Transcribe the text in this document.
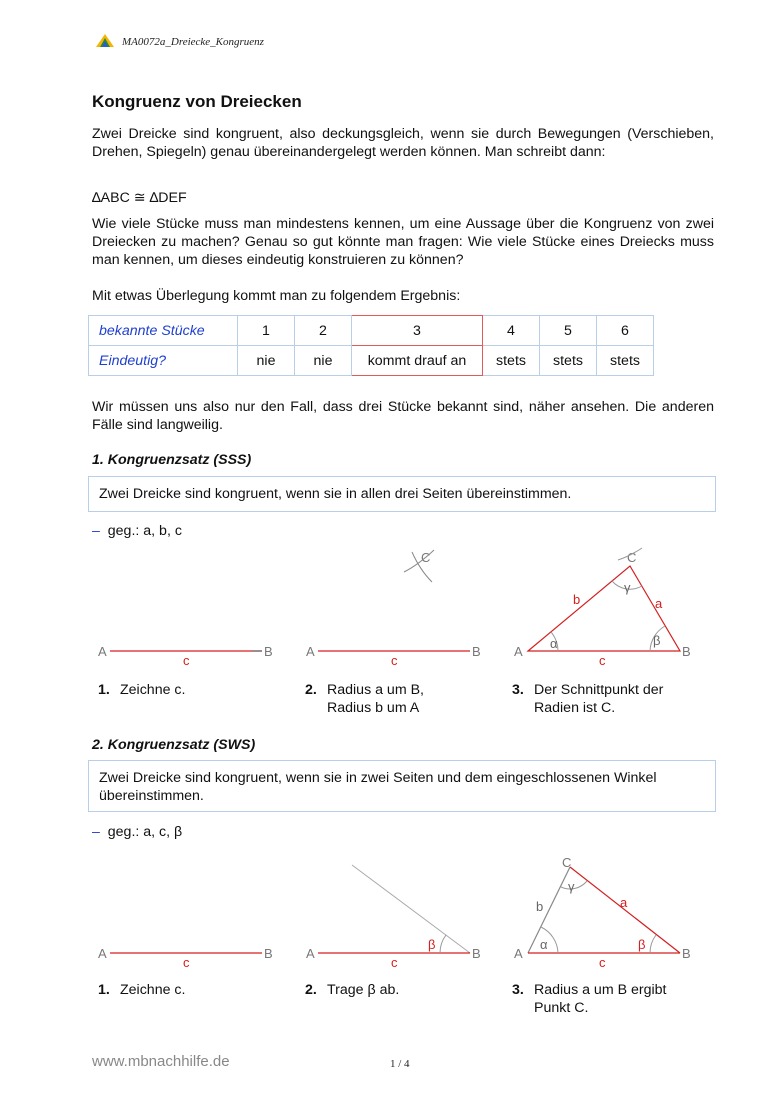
MA0072a_Dreiecke_Kongruenz
Kongruenz von Dreiecken
Zwei Dreicke sind kongruent, also deckungsgleich, wenn sie durch Bewegungen (Verschieben, Drehen, Spiegeln) genau übereinandergelegt werden können. Man schreibt dann:
∆ABC ≅ ∆DEF
Wie viele Stücke muss man mindestens kennen, um eine Aussage über die Kongruenz von zwei Dreiecken zu machen? Genau so gut könnte man fragen: Wie viele Stücke eines Dreiecks muss man kennen, um dieses eindeutig konstruieren zu können?
Mit etwas Überlegung kommt man zu folgendem Ergebnis:
bekannte Stücke	1	2	3	4	5	6
Eindeutig?	nie	nie	kommt drauf an	stets	stets	stets
Wir müssen uns also nur den Fall, dass drei Stücke bekannt sind, näher ansehen. Die anderen Fälle sind langweilig.
1. Kongruenzsatz (SSS)
Zwei Dreicke sind kongruent, wenn sie in allen drei Seiten übereinstimmen.
– geg.: a, b, c
A	B
c
C
A	B
c
C
α	β
γ
b	a
A	B
c
1. Zeichne c.	2. Radius a um B,
Radius b um A
3. Der Schnittpunkt der
Radien ist C.
2. Kongruenzsatz (SWS)
Zwei Dreicke sind kongruent, wenn sie in zwei Seiten und dem eingeschlossenen Winkel übereinstimmen.
– geg.: a, c, β
A	B
c
A
β
B
c
C
α	β
γ
b	a
A	B
c
1. Zeichne c.	2. Trage β ab.	3. Radius a um B ergibt
Punkt C.
www.mbnachhilfe.de	1 / 4
